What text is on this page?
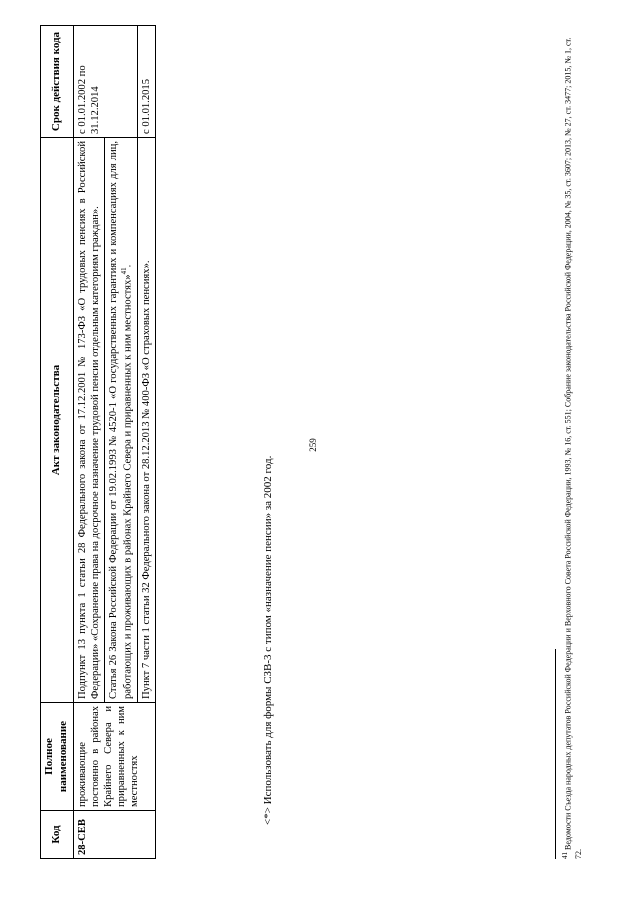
259
Код	Полное наименование	Акт законодательства	Срок действия кода
28-СЕВ	проживающие постоянно в районах Крайнего Севера и приравненных к ним местностях	Подпункт 13 пункта 1 статьи 28 Федерального закона от 17.12.2001 № 173-ФЗ «О трудовых пенсиях в Российской Федерации» «Сохранение права на досрочное назначение трудовой пенсии отдельным категориям граждан».	с 01.01.2002 по 31.12.2014
		Статья 26 Закона Российской Федерации от 19.02.1993 № 4520-1 «О государственных гарантиях и компенсациях для лиц, работающих и проживающих в районах Крайнего Севера и приравненных к ним местностях»$^{41}$.	
		Пункт 7 части 1 статьи 32 Федерального закона от 28.12.2013 № 400-ФЗ «О страховых пенсиях».	с 01.01.2015
<*> Использовать для формы СЗВ-3 с типом «назначение пенсии» за 2002 год.
$^{41}$ Ведомости Съезда народных депутатов Российской Федерации и Верховного Совета Российской Федерации, 1993, № 16, ст. 551; Собрание законодательства Российской Федерации, 2004, № 35, ст. 3607; 2013, № 27, ст. 3477; 2015, № 1, ст. 72.
